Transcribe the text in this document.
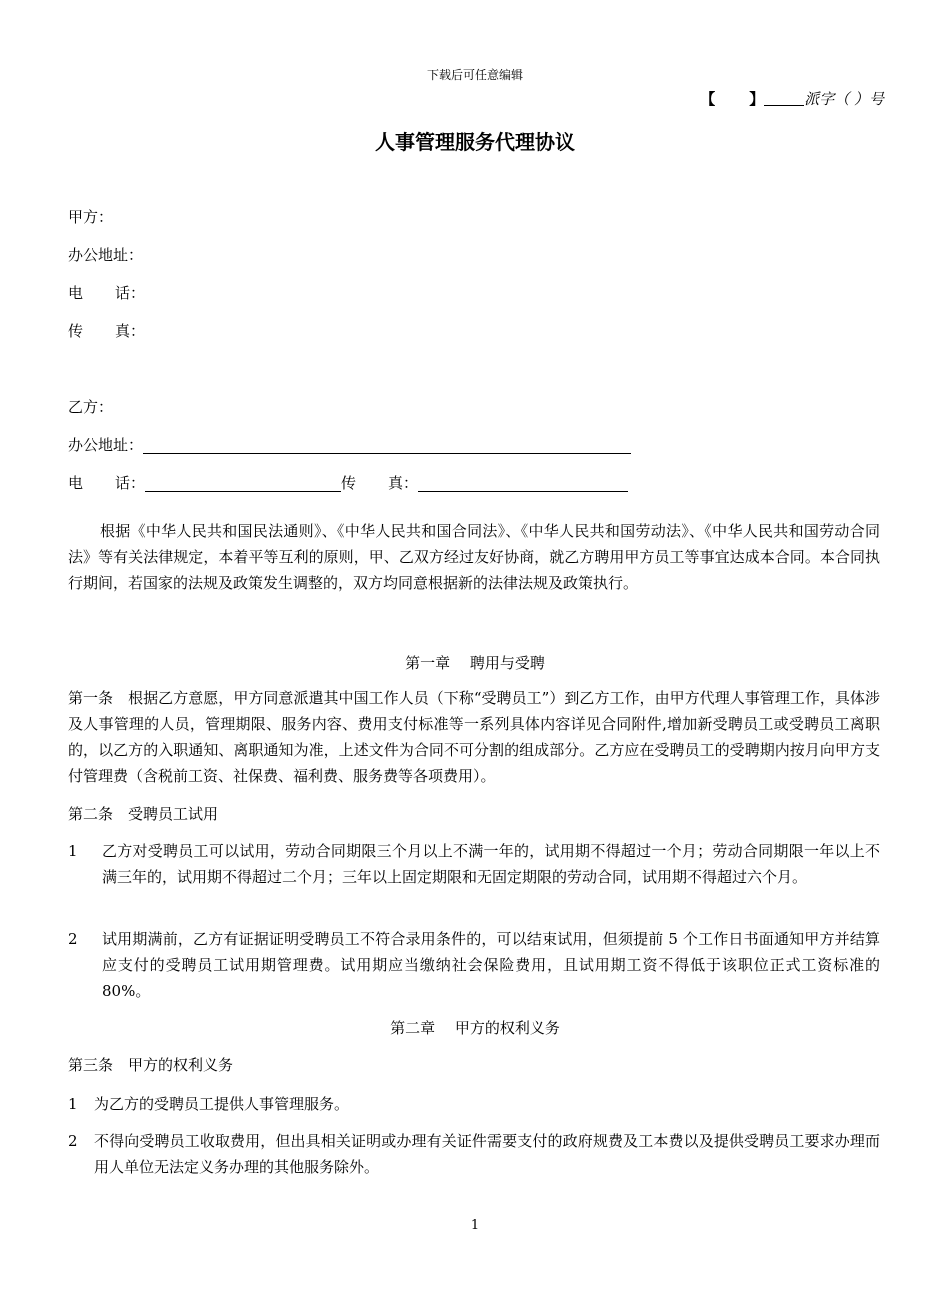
下载后可任意编辑
【 】	派字（ ）号
人事管理服务代理协议
甲方：
办公地址：
电 话：
传 真：
乙方：
办公地址：
电 话：	传 真：
根据《中华人民共和国民法通则》、《中华人民共和国合同法》、《中华人民共和国劳动法》、《中华人民共和国劳动合同法》等有关法律规定，本着平等互利的原则，甲、乙双方经过友好协商，就乙方聘用甲方员工等事宜达成本合同。本合同执行期间，若国家的法规及政策发生调整的，双方均同意根据新的法律法规及政策执行。
第一章　 聘用与受聘
第一条　根据乙方意愿，甲方同意派遣其中国工作人员（下称“受聘员工”）到乙方工作，由甲方代理人事管理工作，具体涉及人事管理的人员，管理期限、服务内容、费用支付标准等一系列具体内容详见合同附件,增加新受聘员工或受聘员工离职的，以乙方的入职通知、离职通知为准，上述文件为合同不可分割的组成部分。乙方应在受聘员工的受聘期内按月向甲方支付管理费（含税前工资、社保费、福利费、服务费等各项费用）。
第二条　受聘员工试用
1 乙方对受聘员工可以试用，劳动合同期限三个月以上不满一年的，试用期不得超过一个月；劳动合同期限一年以上不满三年的，试用期不得超过二个月；三年以上固定期限和无固定期限的劳动合同，试用期不得超过六个月。
2 试用期满前，乙方有证据证明受聘员工不符合录用条件的，可以结束试用，但须提前 5 个工作日书面通知甲方并结算应支付的受聘员工试用期管理费。试用期应当缴纳社会保险费用，且试用期工资不得低于该职位正式工资标准的 80%。
第二章　 甲方的权利义务
第三条　甲方的权利义务
1 为乙方的受聘员工提供人事管理服务。
2 不得向受聘员工收取费用，但出具相关证明或办理有关证件需要支付的政府规费及工本费以及提供受聘员工要求办理而用人单位无法定义务办理的其他服务除外。
1
